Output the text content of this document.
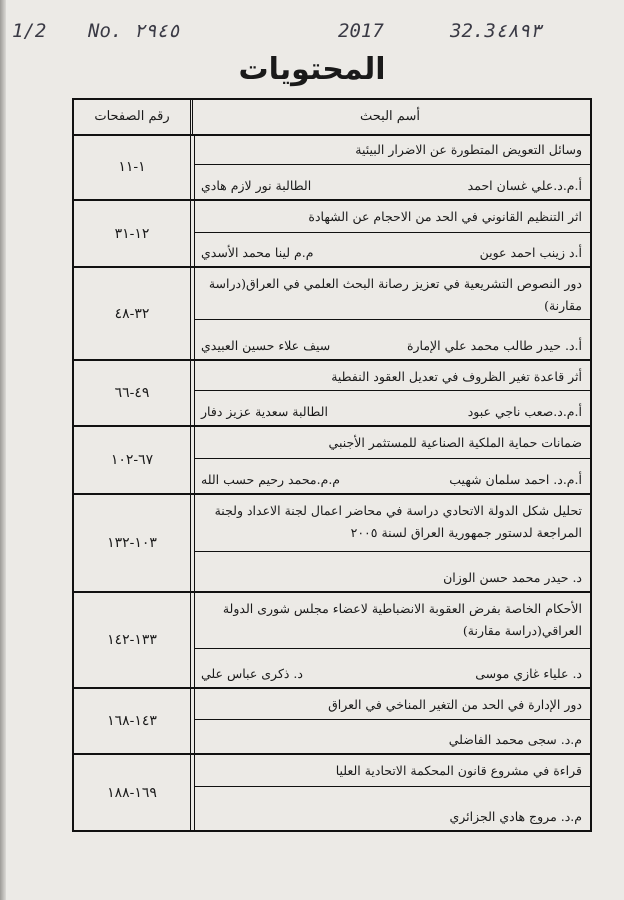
1/2 No. ٢٩٤٥	2017	32.3٤٨٩٣
المحتويات
أسم البحث
رقم الصفحات
١-١١
وسائل التعويض المتطورة عن الاضرار البيئية
أ.م.د.علي غسان احمد
الطالبة نور لازم هادي
١٢-٣١
اثر التنظيم القانوني في الحد من الاحجام عن الشهادة
أ.د زينب احمد عوين
م.م لينا محمد الأسدي
٣٢-٤٨
دور النصوص التشريعية في تعزيز رصانة البحث العلمي في العراق(دراسة مقارنة)
أ.د. حيدر طالب محمد علي الإمارة
سيف علاء حسين العبيدي
٤٩-٦٦
أثر قاعدة تغير الظروف في تعديل العقود النفطية
أ.م.د.صعب ناجي عبود
الطالبة سعدية عزيز دفار
٦٧-١٠٢
ضمانات حماية الملكية الصناعية للمستثمر الأجنبي
أ.م.د. احمد سلمان شهيب
م.م.محمد رحيم حسب الله
١٠٣-١٣٢
تحليل شكل الدولة الاتحادي دراسة في محاضر اعمال لجنة الاعداد ولجنة المراجعة لدستور جمهورية العراق لسنة ٢٠٠٥
د. حيدر محمد حسن الوزان
١٣٣-١٤٢
الأحكام الخاصة بفرض العقوبة الانضباطية لاعضاء مجلس شورى الدولة العراقي(دراسة مقارنة)
د. علياء غازي موسى
د. ذكرى عباس علي
١٤٣-١٦٨
دور الإدارة في الحد من التغير المناخي في العراق
م.د. سجى محمد الفاضلي
١٦٩-١٨٨
قراءة في مشروع قانون المحكمة الاتحادية العليا
م.د. مروج هادي الجزائري
